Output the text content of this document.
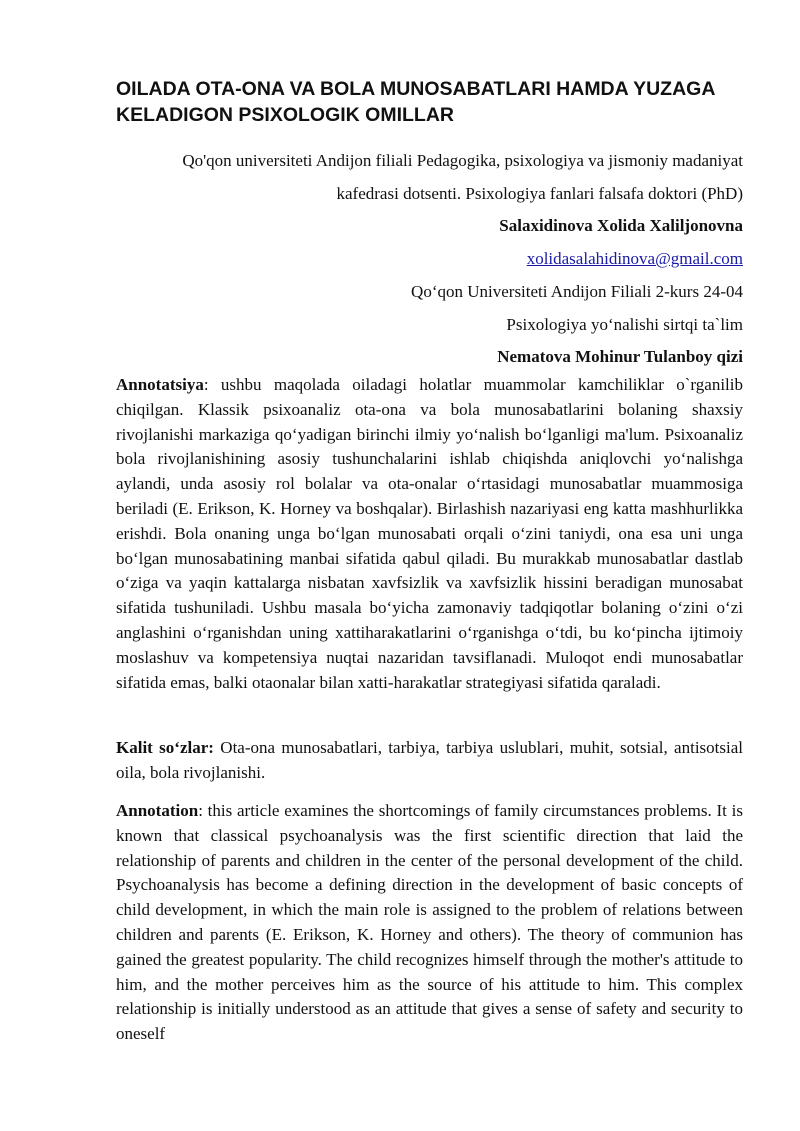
OILADA OTA-ONA VA BOLA MUNOSABATLARI HAMDA YUZAGA KELADIGON PSIXOLOGIK OMILLAR
Qo'qon universiteti Andijon filiali Pedagogika, psixologiya va jismoniy madaniyat
kafedrasi dotsenti. Psixologiya fanlari falsafa doktori (PhD)
Salaxidinova Xolida Xaliljonovna
xolidasalahidinova@gmail.com
Qo‘qon Universiteti Andijon Filiali 2-kurs 24-04
Psixologiya yo‘nalishi sirtqi ta`lim
Nematova Mohinur Tulanboy qizi

Annotatsiya: ushbu maqolada oiladagi holatlar muammolar kamchiliklar o`rganilib chiqilgan. Klassik psixoanaliz ota-ona va bola munosabatlarini bolaning shaxsiy rivojlanishi markaziga qo‘yadigan birinchi ilmiy yo‘nalish bo‘lganligi ma'lum. Psixoanaliz bola rivojlanishining asosiy tushunchalarini ishlab chiqishda aniqlovchi yo‘nalishga aylandi, unda asosiy rol bolalar va ota-onalar o‘rtasidagi munosabatlar muammosiga beriladi (E. Erikson, K. Horney va boshqalar). Birlashish nazariyasi eng katta mashhurlikka erishdi. Bola onaning unga bo‘lgan munosabati orqali o‘zini taniydi, ona esa uni unga bo‘lgan munosabatining manbai sifatida qabul qiladi. Bu murakkab munosabatlar dastlab o‘ziga va yaqin kattalarga nisbatan xavfsizlik va xavfsizlik hissini beradigan munosabat sifatida tushuniladi. Ushbu masala bo‘yicha zamonaviy tadqiqotlar bolaning o‘zini o‘zi anglashini o‘rganishdan uning xattiharakatlarini o‘rganishga o‘tdi, bu ko‘pincha ijtimoiy moslashuv va kompetensiya nuqtai nazaridan tavsiflanadi. Muloqot endi munosabatlar sifatida emas, balki otaonalar bilan xatti-harakatlar strategiyasi sifatida qaraladi.

Kalit so‘zlar: Ota-ona munosabatlari, tarbiya, tarbiya uslublari, muhit, sotsial, antisotsial oila, bola rivojlanishi.

Annotation: this article examines the shortcomings of family circumstances problems. It is known that classical psychoanalysis was the first scientific direction that laid the relationship of parents and children in the center of the personal development of the child. Psychoanalysis has become a defining direction in the development of basic concepts of child development, in which the main role is assigned to the problem of relations between children and parents (E. Erikson, K. Horney and others). The theory of communion has gained the greatest popularity. The child recognizes himself through the mother's attitude to him, and the mother perceives him as the source of his attitude to him. This complex relationship is initially understood as an attitude that gives a sense of safety and security to oneself
